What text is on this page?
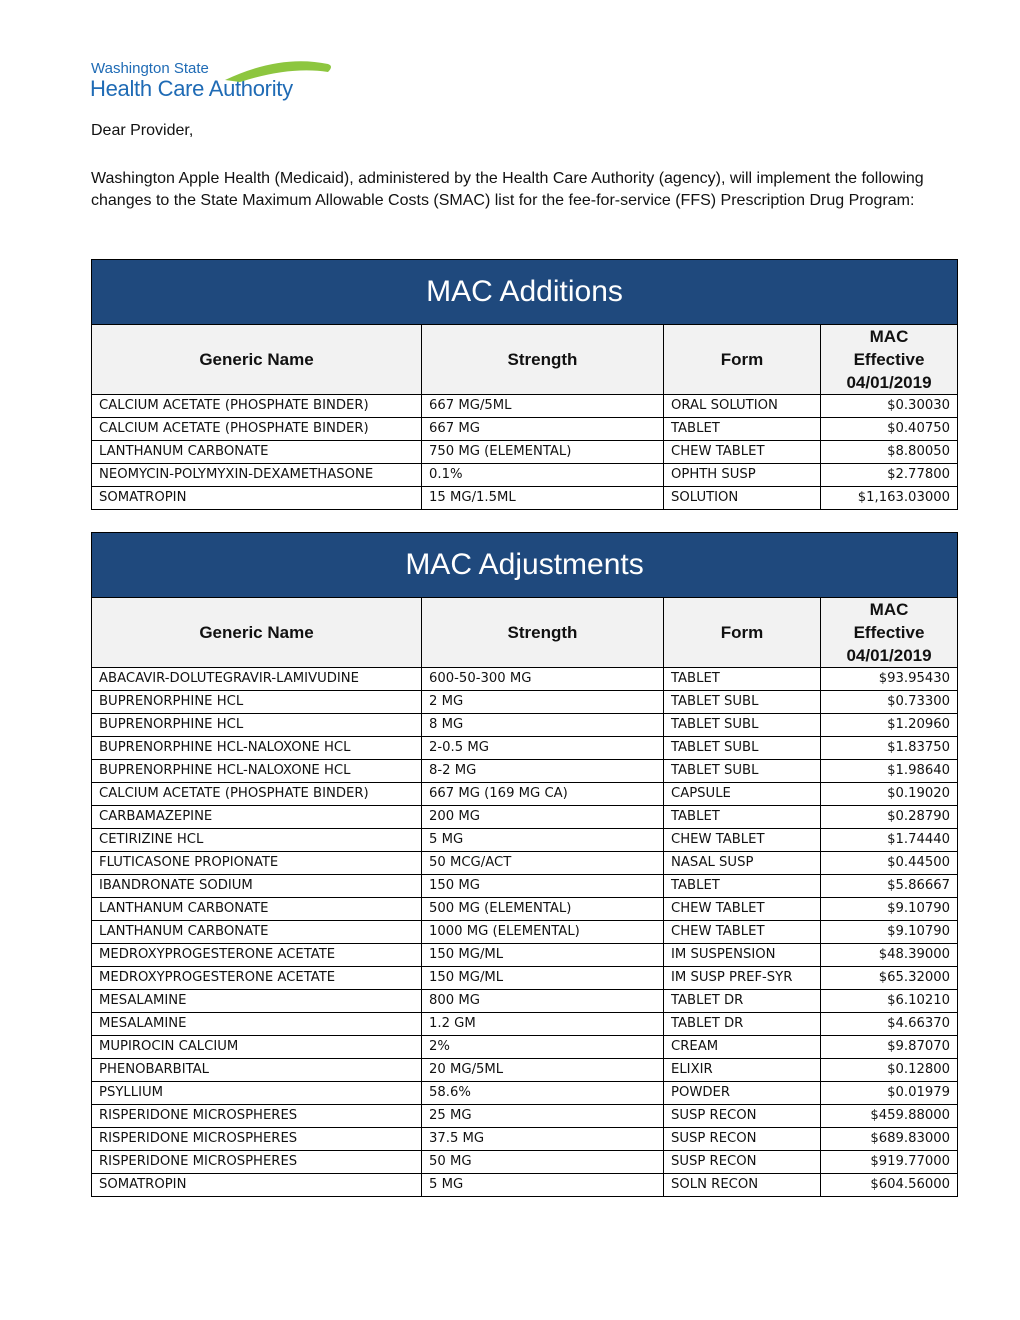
Washington State
Health Care Authority
Dear Provider,
Washington Apple Health (Medicaid), administered by the Health Care Authority (agency), will implement the following changes to the State Maximum Allowable Costs (SMAC) list for the fee-for-service (FFS) Prescription Drug Program:
MAC Additions			
Generic Name	Strength	Form	MAC
Effective
04/01/2019
CALCIUM ACETATE (PHOSPHATE BINDER)	667 MG/5ML	ORAL SOLUTION	$0.30030
CALCIUM ACETATE (PHOSPHATE BINDER)	667 MG	TABLET	$0.40750
LANTHANUM CARBONATE	750 MG (ELEMENTAL)	CHEW TABLET	$8.80050
NEOMYCIN-POLYMYXIN-DEXAMETHASONE	0.1%	OPHTH SUSP	$2.77800
SOMATROPIN	15 MG/1.5ML	SOLUTION	$1,163.03000
MAC Adjustments			
Generic Name	Strength	Form	MAC
Effective
04/01/2019
ABACAVIR-DOLUTEGRAVIR-LAMIVUDINE	600-50-300 MG	TABLET	$93.95430
BUPRENORPHINE HCL	2 MG	TABLET SUBL	$0.73300
BUPRENORPHINE HCL	8 MG	TABLET SUBL	$1.20960
BUPRENORPHINE HCL-NALOXONE HCL	2-0.5 MG	TABLET SUBL	$1.83750
BUPRENORPHINE HCL-NALOXONE HCL	8-2 MG	TABLET SUBL	$1.98640
CALCIUM ACETATE (PHOSPHATE BINDER)	667 MG (169 MG CA)	CAPSULE	$0.19020
CARBAMAZEPINE	200 MG	TABLET	$0.28790
CETIRIZINE HCL	5 MG	CHEW TABLET	$1.74440
FLUTICASONE PROPIONATE	50 MCG/ACT	NASAL SUSP	$0.44500
IBANDRONATE SODIUM	150 MG	TABLET	$5.86667
LANTHANUM CARBONATE	500 MG (ELEMENTAL)	CHEW TABLET	$9.10790
LANTHANUM CARBONATE	1000 MG (ELEMENTAL)	CHEW TABLET	$9.10790
MEDROXYPROGESTERONE ACETATE	150 MG/ML	IM SUSPENSION	$48.39000
MEDROXYPROGESTERONE ACETATE	150 MG/ML	IM SUSP PREF-SYR	$65.32000
MESALAMINE	800 MG	TABLET DR	$6.10210
MESALAMINE	1.2 GM	TABLET DR	$4.66370
MUPIROCIN CALCIUM	2%	CREAM	$9.87070
PHENOBARBITAL	20 MG/5ML	ELIXIR	$0.12800
PSYLLIUM	58.6%	POWDER	$0.01979
RISPERIDONE MICROSPHERES	25 MG	SUSP RECON	$459.88000
RISPERIDONE MICROSPHERES	37.5 MG	SUSP RECON	$689.83000
RISPERIDONE MICROSPHERES	50 MG	SUSP RECON	$919.77000
SOMATROPIN	5 MG	SOLN RECON	$604.56000
